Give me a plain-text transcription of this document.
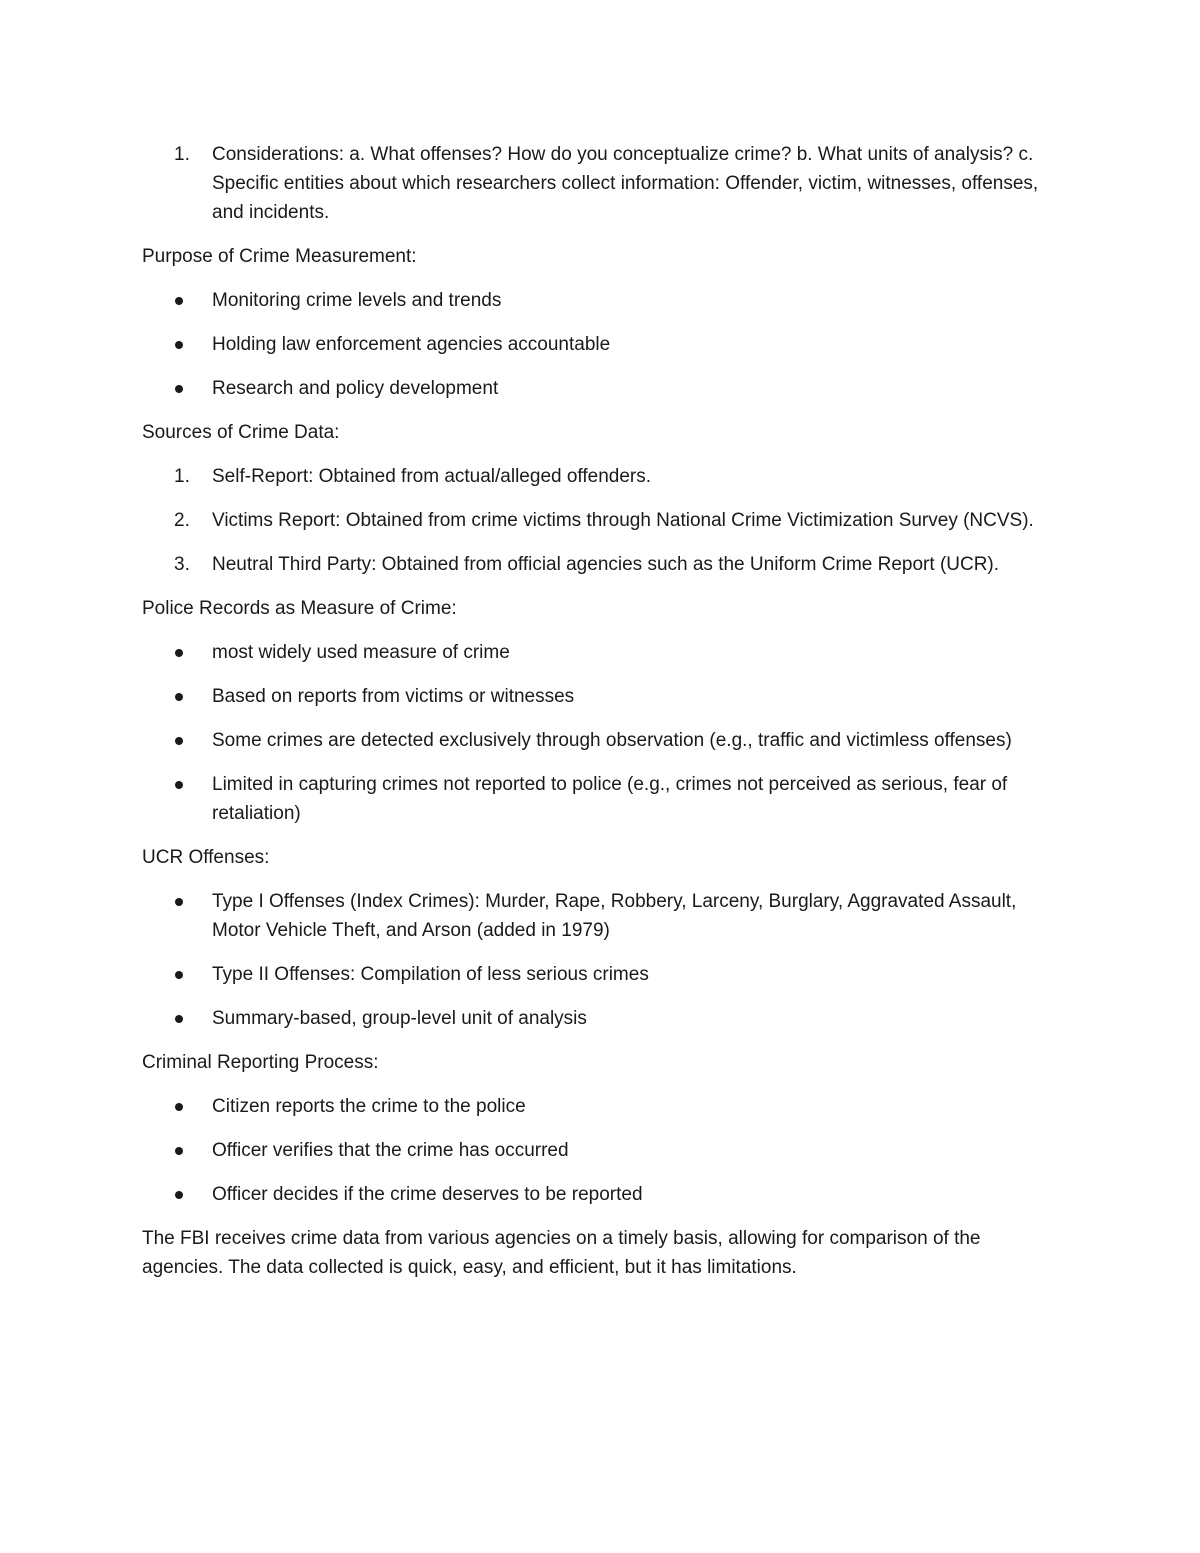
1. Considerations: a. What offenses? How do you conceptualize crime? b. What units of analysis? c. Specific entities about which researchers collect information: Offender, victim, witnesses, offenses, and incidents.

Purpose of Crime Measurement:

Monitoring crime levels and trends
Holding law enforcement agencies accountable
Research and policy development

Sources of Crime Data:

1. Self-Report: Obtained from actual/alleged offenders.
2. Victims Report: Obtained from crime victims through National Crime Victimization Survey (NCVS).
3. Neutral Third Party: Obtained from official agencies such as the Uniform Crime Report (UCR).

Police Records as Measure of Crime:

most widely used measure of crime
Based on reports from victims or witnesses
Some crimes are detected exclusively through observation (e.g., traffic and victimless offenses)
Limited in capturing crimes not reported to police (e.g., crimes not perceived as serious, fear of retaliation)

UCR Offenses:

Type I Offenses (Index Crimes): Murder, Rape, Robbery, Larceny, Burglary, Aggravated Assault, Motor Vehicle Theft, and Arson (added in 1979)
Type II Offenses: Compilation of less serious crimes
Summary-based, group-level unit of analysis

Criminal Reporting Process:

Citizen reports the crime to the police
Officer verifies that the crime has occurred
Officer decides if the crime deserves to be reported

The FBI receives crime data from various agencies on a timely basis, allowing for comparison of the agencies. The data collected is quick, easy, and efficient, but it has limitations.
